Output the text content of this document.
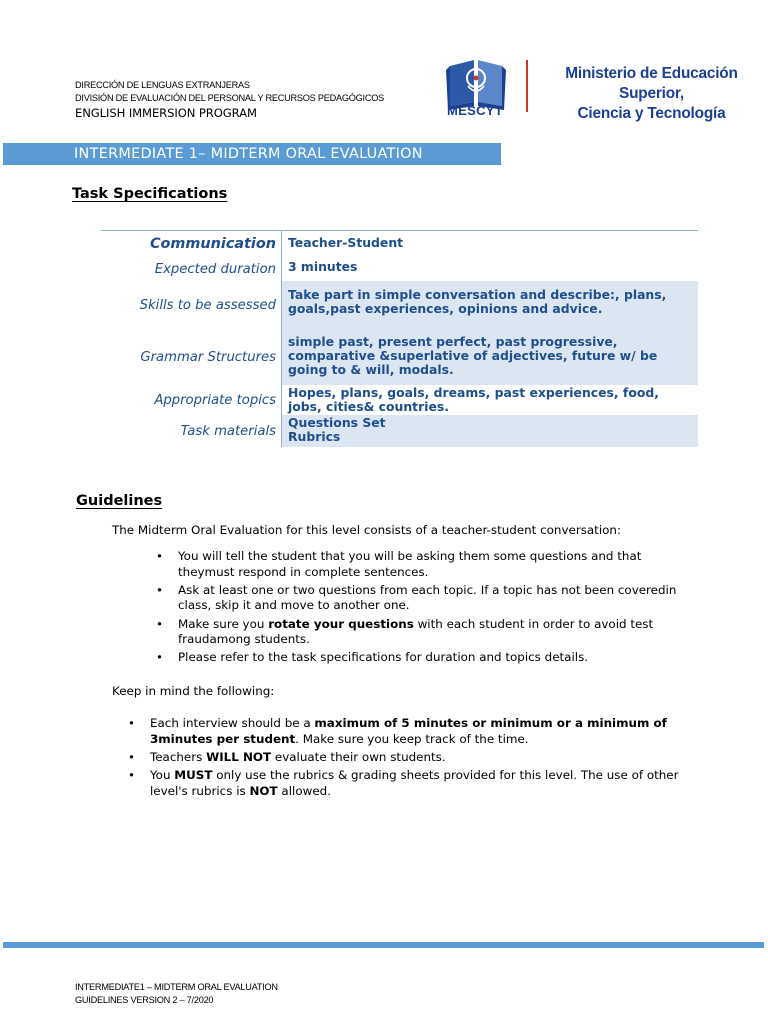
DIRECCIÓN DE LENGUAS EXTRANJERAS
DIVISIÓN DE EVALUACIÓN DEL PERSONAL Y RECURSOS PEDAGÓGICOS
ENGLISH IMMERSION PROGRAM	MESCYT
Ministerio de Educación Superior,
Ciencia y Tecnología
INTERMEDIATE 1– MIDTERM ORAL EVALUATION
Task Specifications
Communication Teacher-Student
Expected duration 3 minutes
Skills to be assessed
Take part in simple conversation and describe:, plans, goals,past experiences, opinions and advice.
Grammar Structures
simple past, present perfect, past progressive, comparative &superlative of adjectives, future w/ be going to & will, modals.
Appropriate topics Hopes, plans, goals, dreams, past experiences, food, jobs, cities& countries.
Task materials
Questions Set
Rubrics
Guidelines
The Midterm Oral Evaluation for this level consists of a teacher-student conversation:
• You will tell the student that you will be asking them some questions and that theymust respond in complete sentences.
• Ask at least one or two questions from each topic. If a topic has not been coveredin class, skip it and move to another one.
• Make sure you rotate your questions with each student in order to avoid test fraudamong students.
• Please refer to the task specifications for duration and topics details.
Keep in mind the following:
• Each interview should be a maximum of 5 minutes or minimum or a minimum of 3minutes per student. Make sure you keep track of the time.
• Teachers WILL NOT evaluate their own students.
• You MUST only use the rubrics & grading sheets provided for this level. The use of other level's rubrics is NOT allowed.
INTERMEDIATE1 – MIDTERM ORAL EVALUATION
GUIDELINES VERSION 2 – 7/2020
